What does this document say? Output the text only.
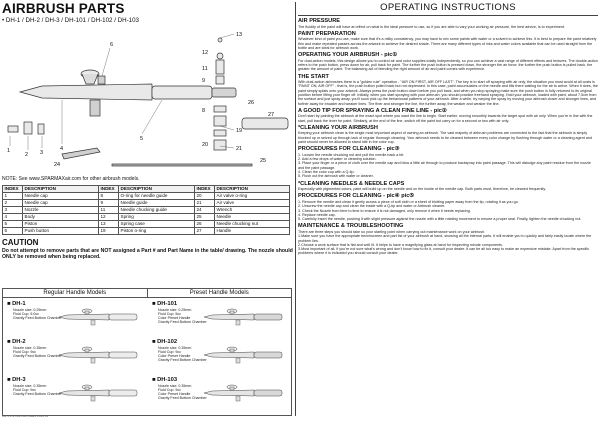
AIRBRUSH PARTS
• DH-1 / DH-2 / DH-3 / DH-101 / DH-102 / DH-103
1
2 3
4
6
5
13
12
11
9
8
19
21
20
27
25
24
26
NOTE: See www.SPARMAXair.com for other airbrush models.
INDEX	DESCRIPTION	INDEX	DESCRIPTION	INDEX	DESCRIPTION
1	Needle cap	8	O-ring for needle guide	20	Air valve o-ring
2	Needle cap	9	Needle guide	21	Air valve
3	Nozzle	11	Needle chucking guide	24	Wrench
4	Body	12	Spring	25	Needle
5	Piston	13	Spring case	26	Needle chucking nut
6	Push button	19	Piston o-ring	27	Handle
CAUTION
Do not attempt to remove parts that are NOT assigned a Part # and Part Name in the table/ drawing. The nozzle should ONLY be removed when being replaced.
Regular Handle Models	Preset Handle Models
■ DH-1
Nozzle size: 0.25mm
Fluid Cup: 5.0cc
Gravity Feed Bottom Chamber
■ DH-2
Nozzle size: 0.35mm
Fluid Cup: 9cc
Gravity Feed Bottom Chamber
■ DH-3
Nozzle size: 0.35mm
Fluid Cup: 9cc
Gravity Feed Bottom Chamber
■ DH-101
Nozzle size: 0.25mm
Fluid Cup: 5cc
Color Preset Handle
Gravity Feed Bottom Chamber
■ DH-102
Nozzle size: 0.35mm
Fluid Cup: 9cc
Color Preset Handle
Gravity Feed Bottom Chamber
■ DH-103
Nozzle size: 0.35mm
Fluid Cup: 9cc
Color Preset Handle
Gravity Feed Bottom Chamber
OPERATING INSTRUCTIONS
AIR PRESSURE
The fluidity of the paint will have an effect on what is the ideal pressure to use, so if you are able to vary your working air pressure, the best advice, is to experiment.
PAINT PREPARATION
Whatever kind of paint you use, make sure that it's a milky consistency, you may have to mix some paints with water or a solvent to achieve this. It is best to prepare the paint relatively thin and make repeated passes across the artwork to achieve the desired shade. There are many different types of inks and water colors available that can be used straight from the bottle and are ideal for airbrush work.
OPERATING YOUR AIRBRUSH - pic①
For dual-action models, this design allows you to control air and color supplies totally independently, so you can achieve a vast range of different effects and textures. The double-action refers to the push button, press down for air, pull back for paint. The further the push button is pressed down, the stronger the air force; the further the push button is pulled back, the greater the amount of paint. The balancing act of blending the right amount of air and paint comes with experience.
THE START
With dual-action airbrushes there is a "golden rule" operation - "AIR ON FIRST, AIR OFF LAST". The key is to start off spraying with air only, the situation you must avoid at all costs is "PAINT ON, AIR OFF" - that is, the push button pulled back but not depressed. In this case, paint accumulates on the needle and tills there waiting for the air to arrive. When it does, the paint simply splats onto your artwork. Always press the push button down before you pull back, and when you stop spraying make sure the push button is fully returned to its original position before lifting your finger off. Initially, when you start spraying with your airbrush, you should practice freehand spraying. Hold your airbrush, loaded with paint, about 7.5cm from the surface and just spray away, you'll soon pick up the behavioural patterns of your airbrush. After a while, try varying the spray by moving your airbrush closer and stronger lines, and further away for broader and weaker lines. The finer and stronger the line, the further away, the weaker and weaker the line.
A GOOD TIP FOR SPRAYING A CLEAN FINE LINE - pic②
Don't start by painting the airbrush at the exact spot where you want the line to begin. Start earlier, moving smoothly towards the target spot with air only. When you're in line with the start, pull back the lever for paint. Similarly, at the end of the line, switch off the paint but carry on for a second or two with air only.
*CLEANING YOUR AIRBRUSH
Keeping your airbrush clean is the single most important aspect of owning an airbrush. The vast majority of airbrush problems are connected to the fact that the airbrush is simply blocked up or seized up through lack of regular thorough cleaning. Your airbrush needs to be cleaned between every color change by flushing through water or a cleaning agent and paint should never be allowed to stand idle in the color cup.
PROCEDURES FOR CLEANING - pic③
1. Loosen the needle chucking nut and pull the needle back a bit.
2. Add a few drops of water or cleaning solution.
3. Place your finger or a piece of cloth over the needle cap and blow a little air through to produce backspray into paint passage. This will dislodge any paint residue from the nozzle and the paint passage.
4. Clean the color cup with a Q-tip.
5. Flush out the airbrush with water or cleaner.
*CLEANING NEEDLES & NEEDLE CAPS
Especially with pigmented colors, paint will build up on the needle and on the inside of the needle cap. Both parts must, therefore, be cleaned frequently.
PROCEDURES FOR CLEANING - pic④ pic⑤
1. Remove the needle and clean it gently across a piece of soft cloth or a sheet of blotting paper away from the tip, rotating it as you go.
2. Unscrew the needle cap and clean the inside with a Q-tip and water or Airbrush cleaner.
3. Check the Nozzle from time to time to ensure it is not damaged, only remove it when it needs replacing.
4. Replace needle cap.
5. Carefully insert the needle, pushing it with slight pressure against the nozzle with a little rotating movement to ensure a proper seal. Finally, tighten the needle chucking nut.
MAINTENANCE & TROUBLESHOOTING
There are three steps you should take so your starting point when carrying out maintenance work on your airbrush.
1.Make sure you have the appropriate benchscreen and part list of your airbrush at hand, showing all the internal parts. It will enable you to quickly and fairly easily locate where the problem lies.
2.Choose a work surface that is flat and well lit. It helps to have a magnifying glass at hand for inspecting minute components.
3.Most important of all, if you're not sure what's wrong and don't know how to fix it, consult your dealer. It can be all too easy to make an expensive mistake. Apart from the specific problems where it is indicated you should consult your dealer.
DH-1.2-3-101-102-103EN 2010.03
